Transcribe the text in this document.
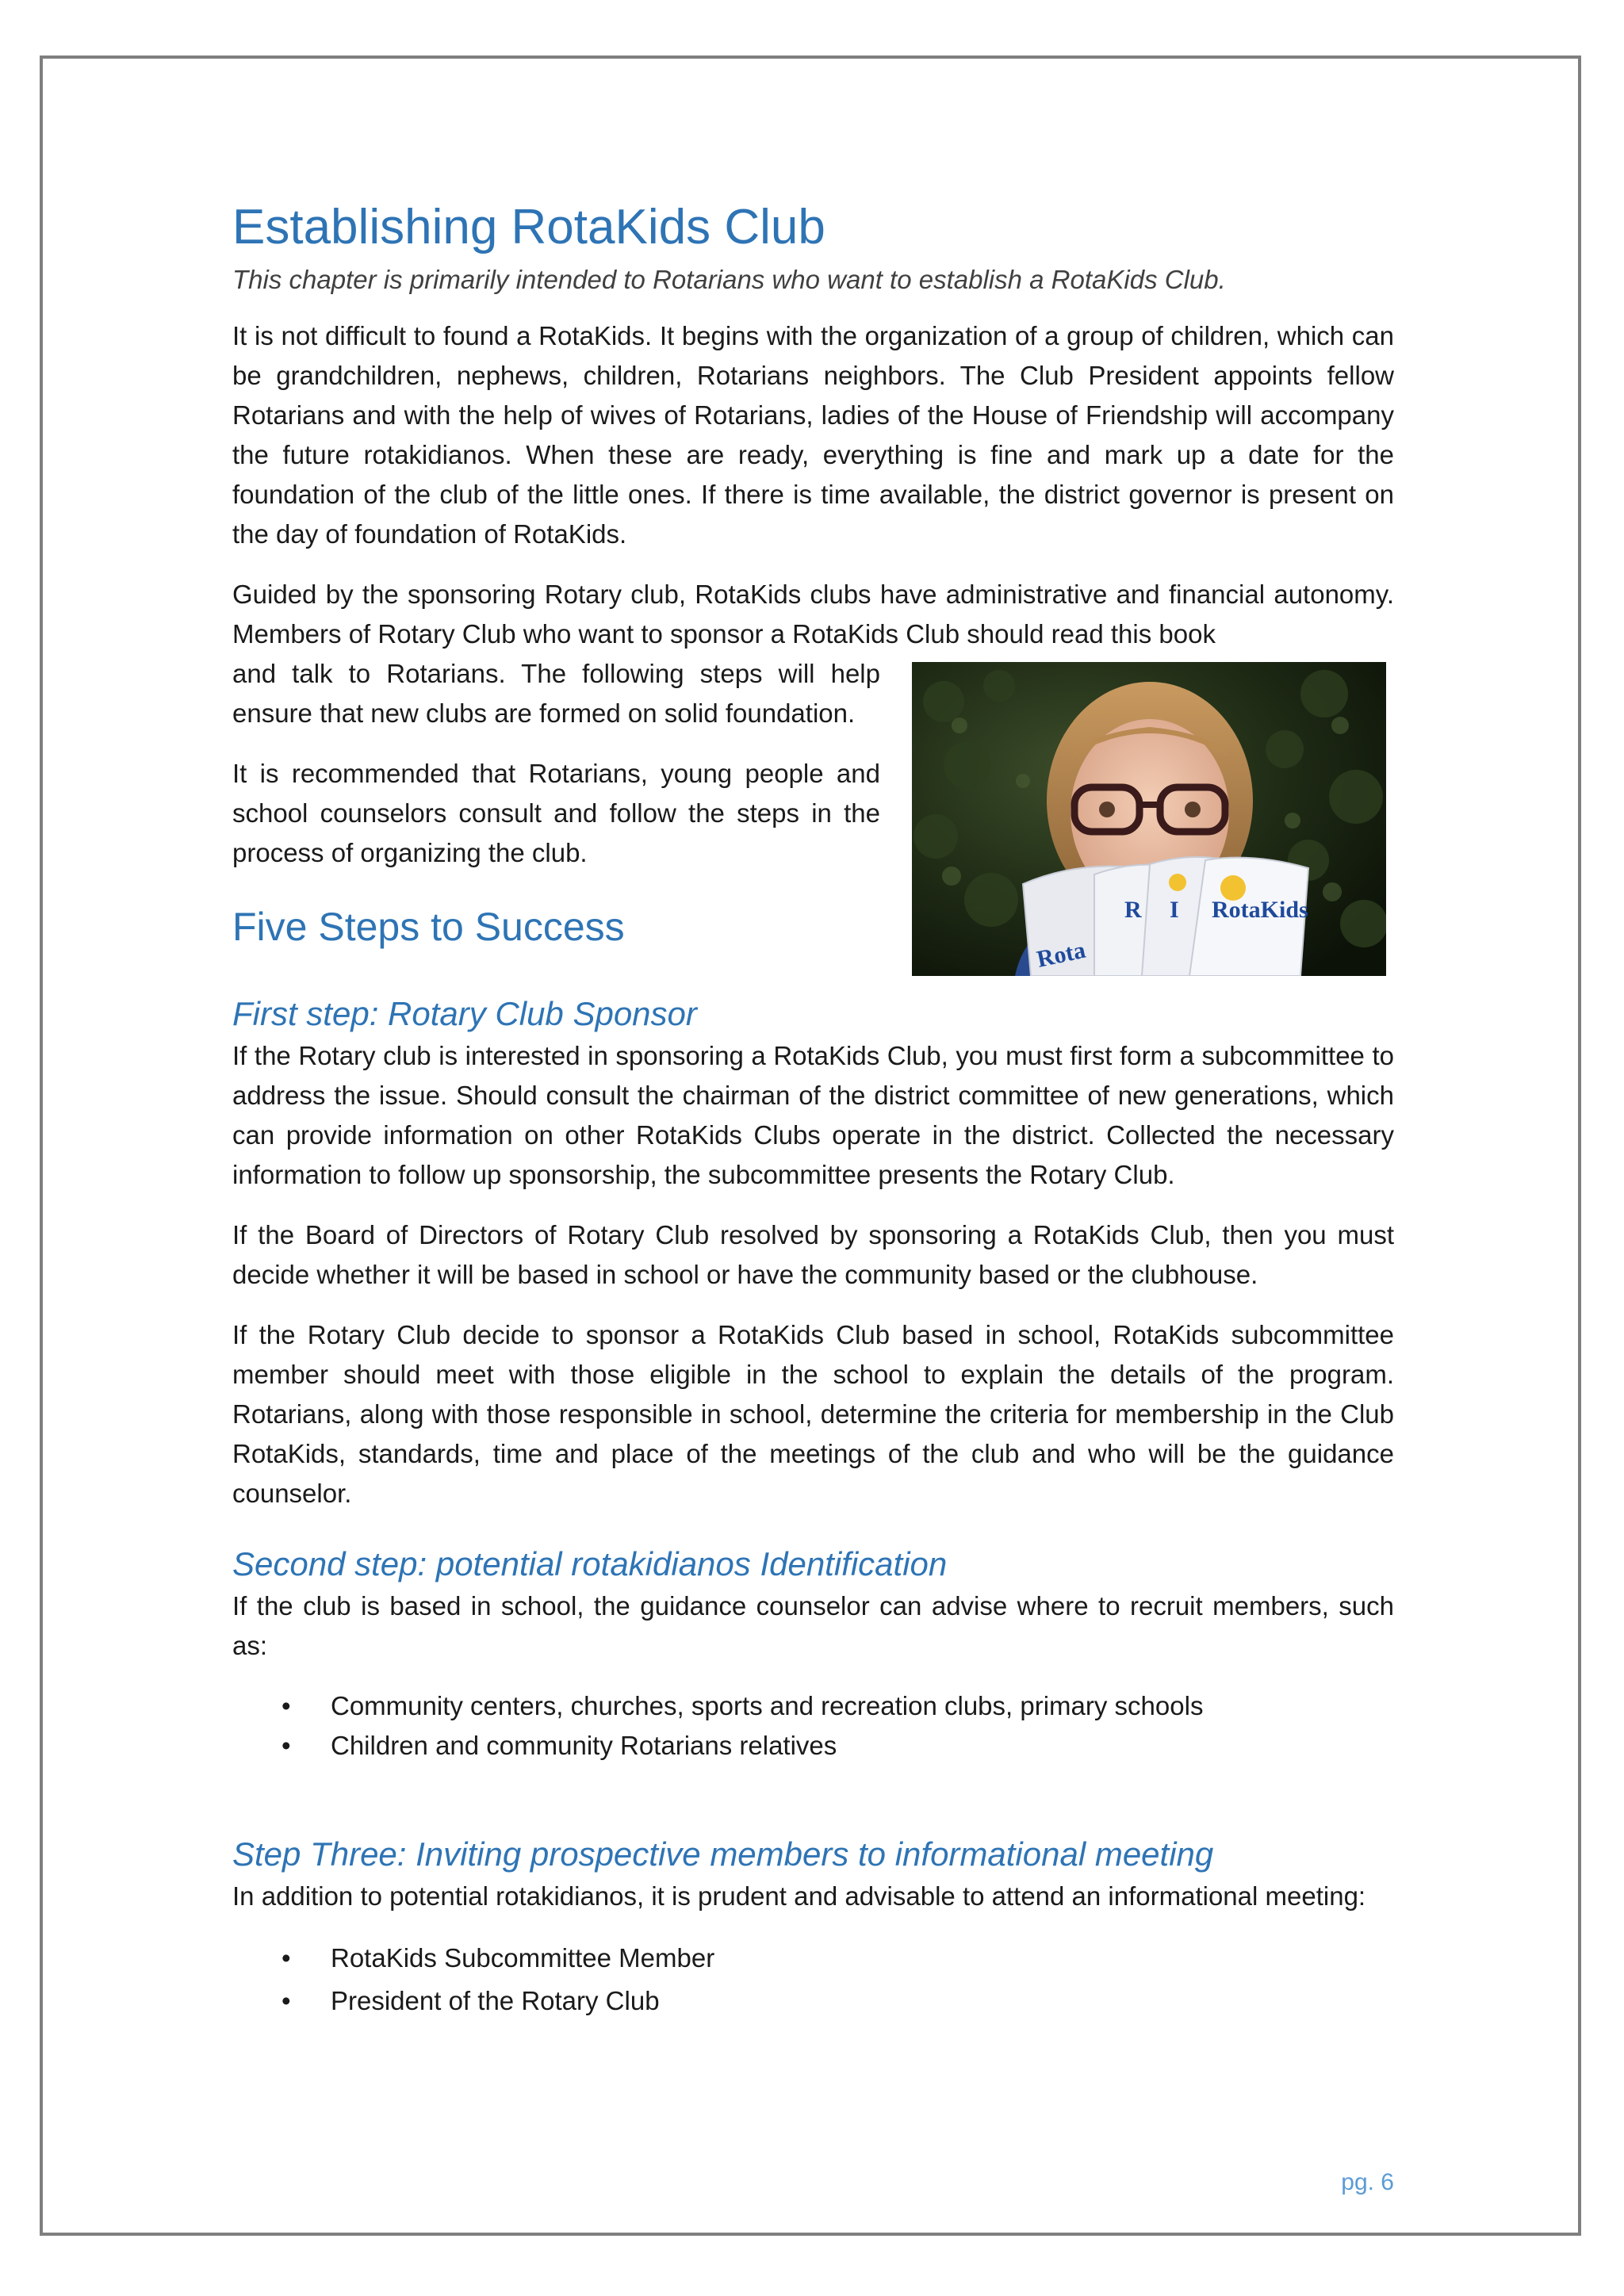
Establishing RotaKids Club

This chapter is primarily intended to Rotarians who want to establish a RotaKids Club.

It is not difficult to found a RotaKids. It begins with the organization of a group of children, which can be grandchildren, nephews, children, Rotarians neighbors. The Club President appoints fellow Rotarians and with the help of wives of Rotarians, ladies of the House of Friendship will accompany the future rotakidianos. When these are ready, everything is fine and mark up a date for the foundation of the club of the little ones. If there is time available, the district governor is present on the day of foundation of RotaKids.

Guided by the sponsoring Rotary club, RotaKids clubs have administrative and financial autonomy. Members of Rotary Club who want to sponsor a RotaKids Club should read this book

Rota
R I RotaKids

and talk to Rotarians. The following steps will help ensure that new clubs are formed on solid foundation.

It is recommended that Rotarians, young people and school counselors consult and follow the steps in the process of organizing the club.

Five Steps to Success
First step: Rotary Club Sponsor

If the Rotary club is interested in sponsoring a RotaKids Club, you must first form a subcommittee to address the issue. Should consult the chairman of the district committee of new generations, which can provide information on other RotaKids Clubs operate in the district. Collected the necessary information to follow up sponsorship, the subcommittee presents the Rotary Club.

If the Board of Directors of Rotary Club resolved by sponsoring a RotaKids Club, then you must decide whether it will be based in school or have the community based or the clubhouse.

If the Rotary Club decide to sponsor a RotaKids Club based in school, RotaKids subcommittee member should meet with those eligible in the school to explain the details of the program. Rotarians, along with those responsible in school, determine the criteria for membership in the Club RotaKids, standards, time and place of the meetings of the club and who will be the guidance counselor.

Second step: potential rotakidianos Identification

If the club is based in school, the guidance counselor can advise where to recruit members, such as:

• Community centers, churches, sports and recreation clubs, primary schools
• Children and community Rotarians relatives
Step Three: Inviting prospective members to informational meeting

In addition to potential rotakidianos, it is prudent and advisable to attend an informational meeting:

• RotaKids Subcommittee Member
• President of the Rotary Club
pg. 6
